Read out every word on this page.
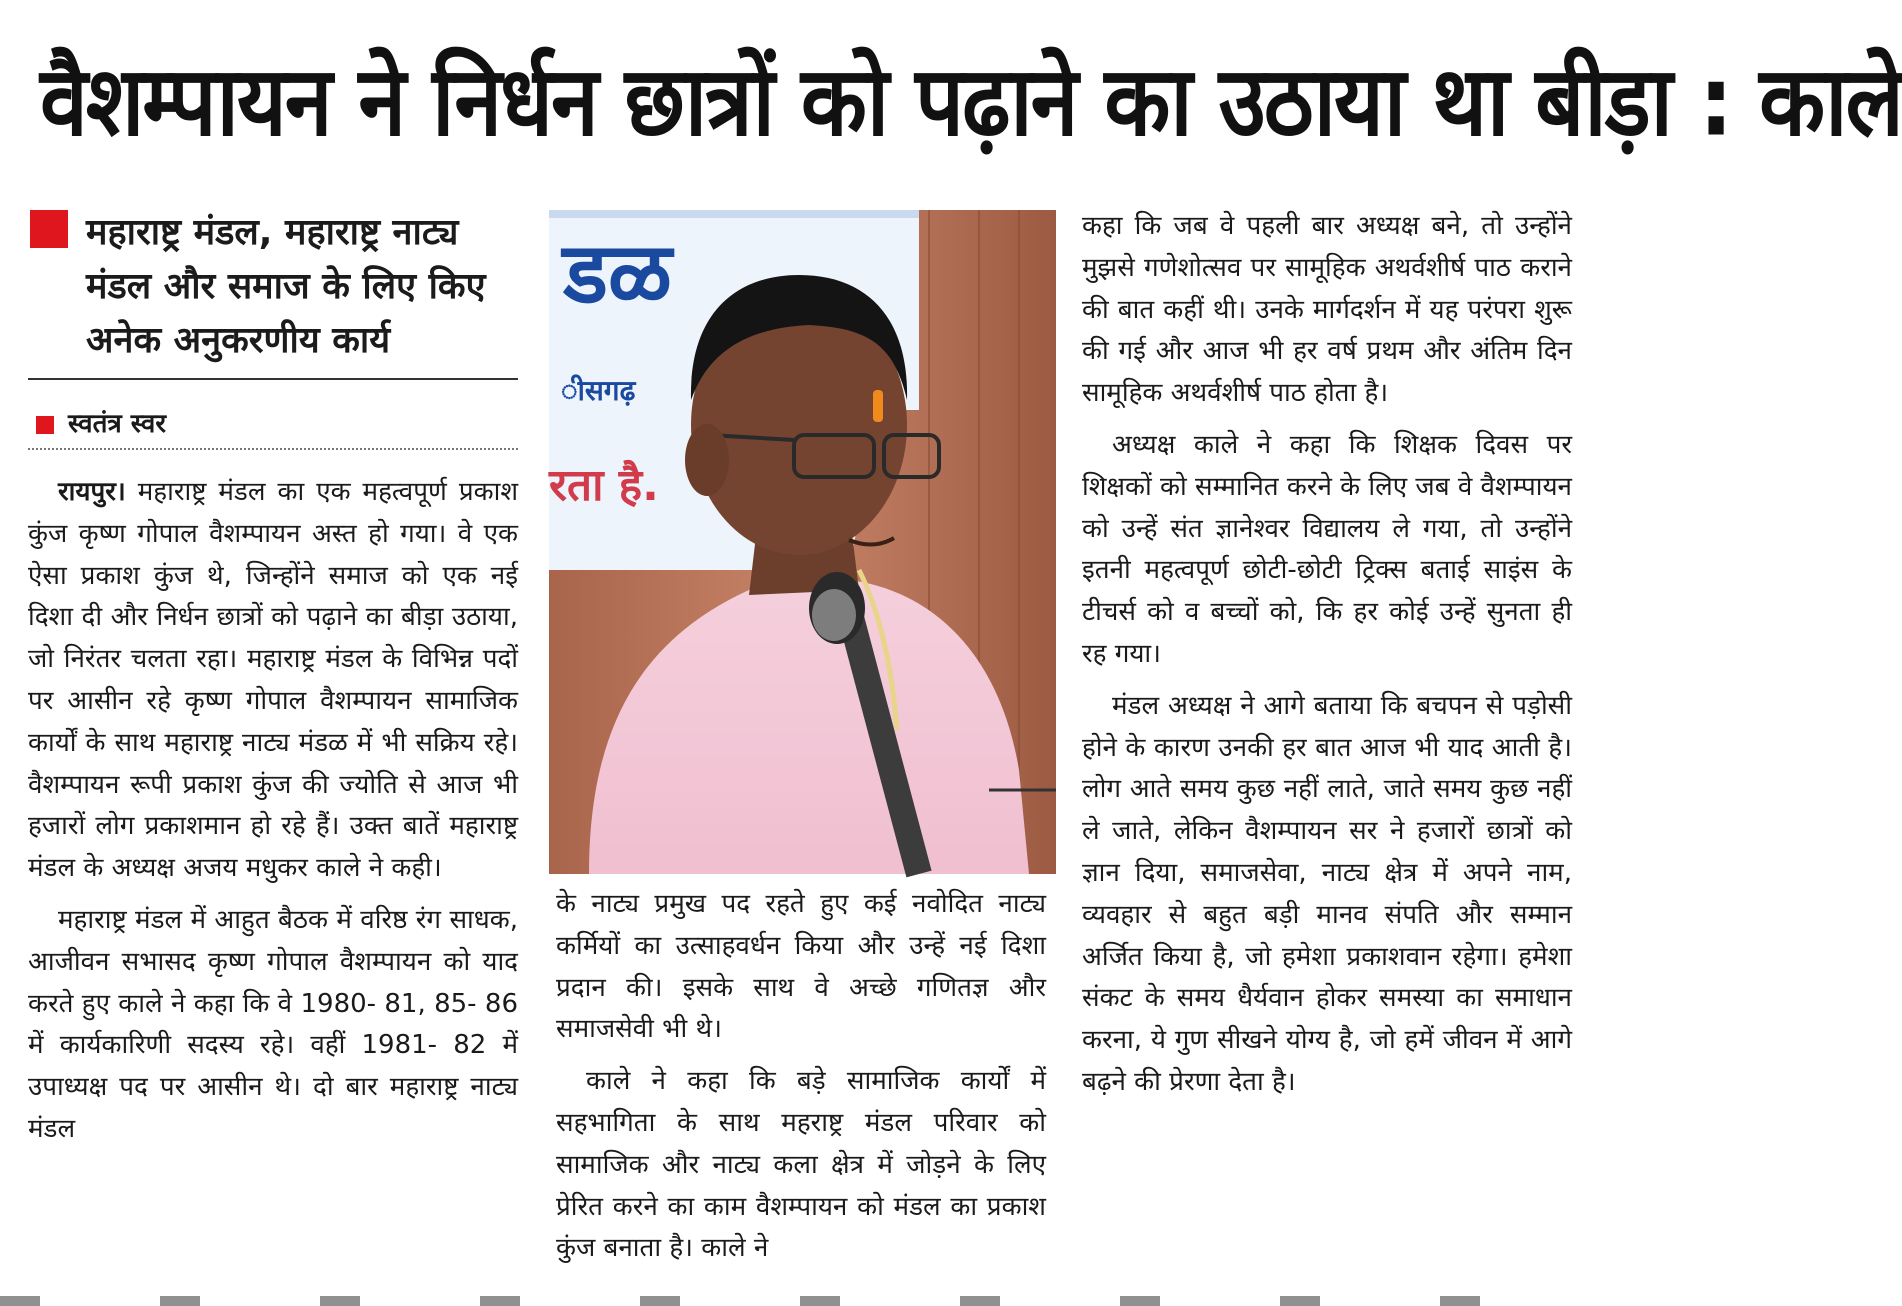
वैशम्पायन ने निर्धन छात्रों को पढ़ाने का उठाया था बीड़ा : काले

महाराष्ट्र मंडल, महाराष्ट्र नाट्य मंडल और समाज के लिए किए अनेक अनुकरणीय कार्य

स्वतंत्र स्वर

रायपुर। महाराष्ट्र मंडल का एक महत्वपूर्ण प्रकाश कुंज कृष्ण गोपाल वैशम्पायन अस्त हो गया। वे एक ऐसा प्रकाश कुंज थे, जिन्होंने समाज को एक नई दिशा दी और निर्धन छात्रों को पढ़ाने का बीड़ा उठाया, जो निरंतर चलता रहा। महाराष्ट्र मंडल के विभिन्न पदों पर आसीन रहे कृष्ण गोपाल वैशम्पायन सामाजिक कार्यों के साथ महाराष्ट्र नाट्य मंडळ में भी सक्रिय रहे। वैशम्पायन रूपी प्रकाश कुंज की ज्योति से आज भी हजारों लोग प्रकाशमान हो रहे हैं। उक्त बातें महाराष्ट्र मंडल के अध्यक्ष अजय मधुकर काले ने कही।

महाराष्ट्र मंडल में आहुत बैठक में वरिष्ठ रंग साधक, आजीवन सभासद कृष्ण गोपाल वैशम्पायन को याद करते हुए काले ने कहा कि वे 1980- 81, 85- 86 में कार्यकारिणी सदस्य रहे। वहीं 1981- 82 में उपाध्यक्ष पद पर आसीन थे। दो बार महाराष्ट्र नाट्य मंडल

डळ
ीसगढ़
रता है.

के नाट्य प्रमुख पद रहते हुए कई नवोदित नाट्य कर्मियों का उत्साहवर्धन किया और उन्हें नई दिशा प्रदान की। इसके साथ वे अच्छे गणितज्ञ और समाजसेवी भी थे।

काले ने कहा कि बड़े सामाजिक कार्यों में सहभागिता के साथ महराष्ट्र मंडल परिवार को सामाजिक और नाट्य कला क्षेत्र में जोड़ने के लिए प्रेरित करने का काम वैशम्पायन को मंडल का प्रकाश कुंज बनाता है। काले ने

कहा कि जब वे पहली बार अध्यक्ष बने, तो उन्होंने मुझसे गणेशोत्सव पर सामूहिक अथर्वशीर्ष पाठ कराने की बात कहीं थी। उनके मार्गदर्शन में यह परंपरा शुरू की गई और आज भी हर वर्ष प्रथम और अंतिम दिन सामूहिक अथर्वशीर्ष पाठ होता है।

अध्यक्ष काले ने कहा कि शिक्षक दिवस पर शिक्षकों को सम्मानित करने के लिए जब वे वैशम्पायन को उन्हें संत ज्ञानेश्वर विद्यालय ले गया, तो उन्होंने इतनी महत्वपूर्ण छोटी-छोटी ट्रिक्स बताई साइंस के टीचर्स को व बच्चों को, कि हर कोई उन्हें सुनता ही रह गया।

मंडल अध्यक्ष ने आगे बताया कि बचपन से पड़ोसी होने के कारण उनकी हर बात आज भी याद आती है।लोग आते समय कुछ नहीं लाते, जाते समय कुछ नहीं ले जाते, लेकिन वैशम्पायन सर ने हजारों छात्रों को ज्ञान दिया, समाजसेवा, नाट्य क्षेत्र में अपने नाम, व्यवहार से बहुत बड़ी मानव संपति और सम्मान अर्जित किया है, जो हमेशा प्रकाशवान रहेगा। हमेशा संकट के समय धैर्यवान होकर समस्या का समाधान करना, ये गुण सीखने योग्य है, जो हमें जीवन में आगे बढ़ने की प्रेरणा देता है।
